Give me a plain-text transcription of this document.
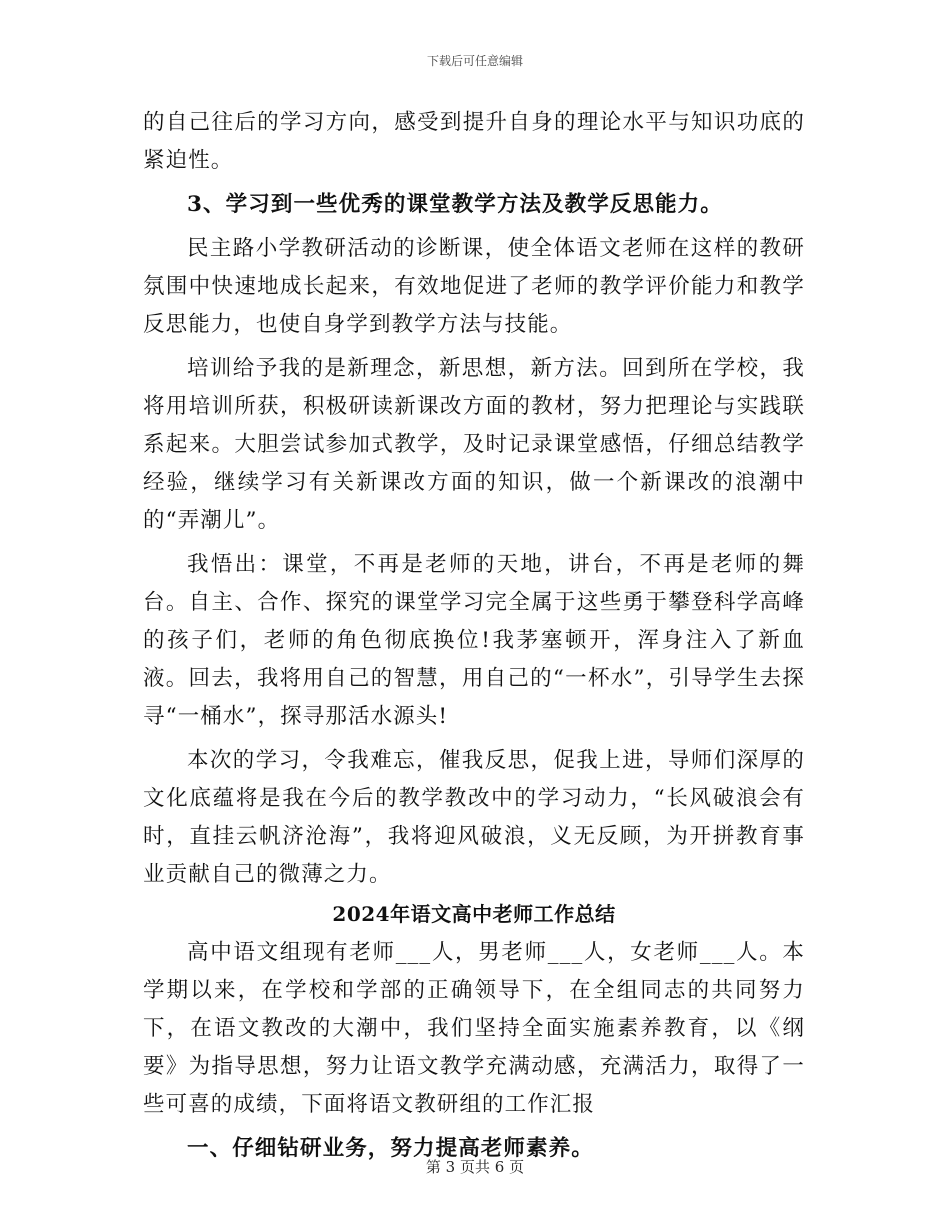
下载后可任意编辑

的自己往后的学习方向，感受到提升自身的理论水平与知识功底的紧迫性。

3、学习到一些优秀的课堂教学方法及教学反思能力。

民主路小学教研活动的诊断课，使全体语文老师在这样的教研氛围中快速地成长起来，有效地促进了老师的教学评价能力和教学反思能力，也使自身学到教学方法与技能。

培训给予我的是新理念，新思想，新方法。回到所在学校，我将用培训所获，积极研读新课改方面的教材，努力把理论与实践联系起来。大胆尝试参加式教学，及时记录课堂感悟，仔细总结教学经验，继续学习有关新课改方面的知识，做一个新课改的浪潮中的“弄潮儿”。

我悟出：课堂，不再是老师的天地，讲台，不再是老师的舞台。自主、合作、探究的课堂学习完全属于这些勇于攀登科学高峰的孩子们，老师的角色彻底换位!我茅塞顿开，浑身注入了新血液。回去，我将用自己的智慧，用自己的“一杯水”，引导学生去探寻“一桶水”，探寻那活水源头!

本次的学习，令我难忘，催我反思，促我上进，导师们深厚的文化底蕴将是我在今后的教学教改中的学习动力，“长风破浪会有时，直挂云帆济沧海”，我将迎风破浪，义无反顾，为开拼教育事业贡献自己的微薄之力。

2024年语文高中老师工作总结

高中语文组现有老师___人，男老师___人，女老师___人。本学期以来，在学校和学部的正确领导下，在全组同志的共同努力下，在语文教改的大潮中，我们坚持全面实施素养教育，以《纲要》为指导思想，努力让语文教学充满动感，充满活力，取得了一些可喜的成绩，下面将语文教研组的工作汇报

一、仔细钻研业务，努力提高老师素养。

第 3 页共 6 页
